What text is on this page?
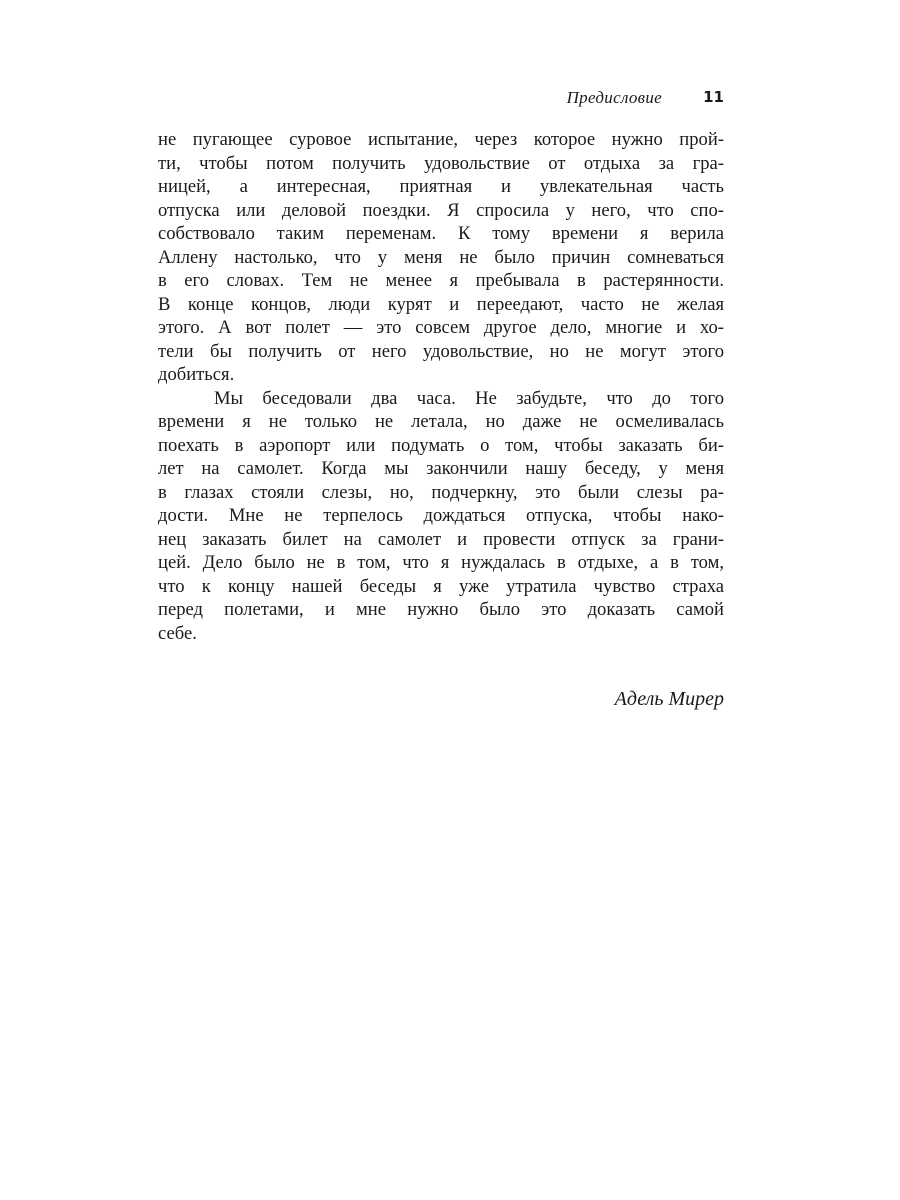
Предисловие	11
не пугающее суровое испытание, через которое нужно прой-
ти, чтобы потом получить удовольствие от отдыха за гра-
ницей, а интересная, приятная и увлекательная часть
отпуска или деловой поездки. Я спросила у него, что спо-
собствовало таким переменам. К тому времени я верила
Аллену настолько, что у меня не было причин сомневаться
в его словах. Тем не менее я пребывала в растерянности.
В конце концов, люди курят и переедают, часто не желая
этого. А вот полет — это совсем другое дело, многие и хо-
тели бы получить от него удовольствие, но не могут этого
добиться.
Мы беседовали два часа. Не забудьте, что до того
времени я не только не летала, но даже не осмеливалась
поехать в аэропорт или подумать о том, чтобы заказать би-
лет на самолет. Когда мы закончили нашу беседу, у меня
в глазах стояли слезы, но, подчеркну, это были слезы ра-
дости. Мне не терпелось дождаться отпуска, чтобы нако-
нец заказать билет на самолет и провести отпуск за грани-
цей. Дело было не в том, что я нуждалась в отдыхе, а в том,
что к концу нашей беседы я уже утратила чувство страха
перед полетами, и мне нужно было это доказать самой
себе.
Адель Мирер
